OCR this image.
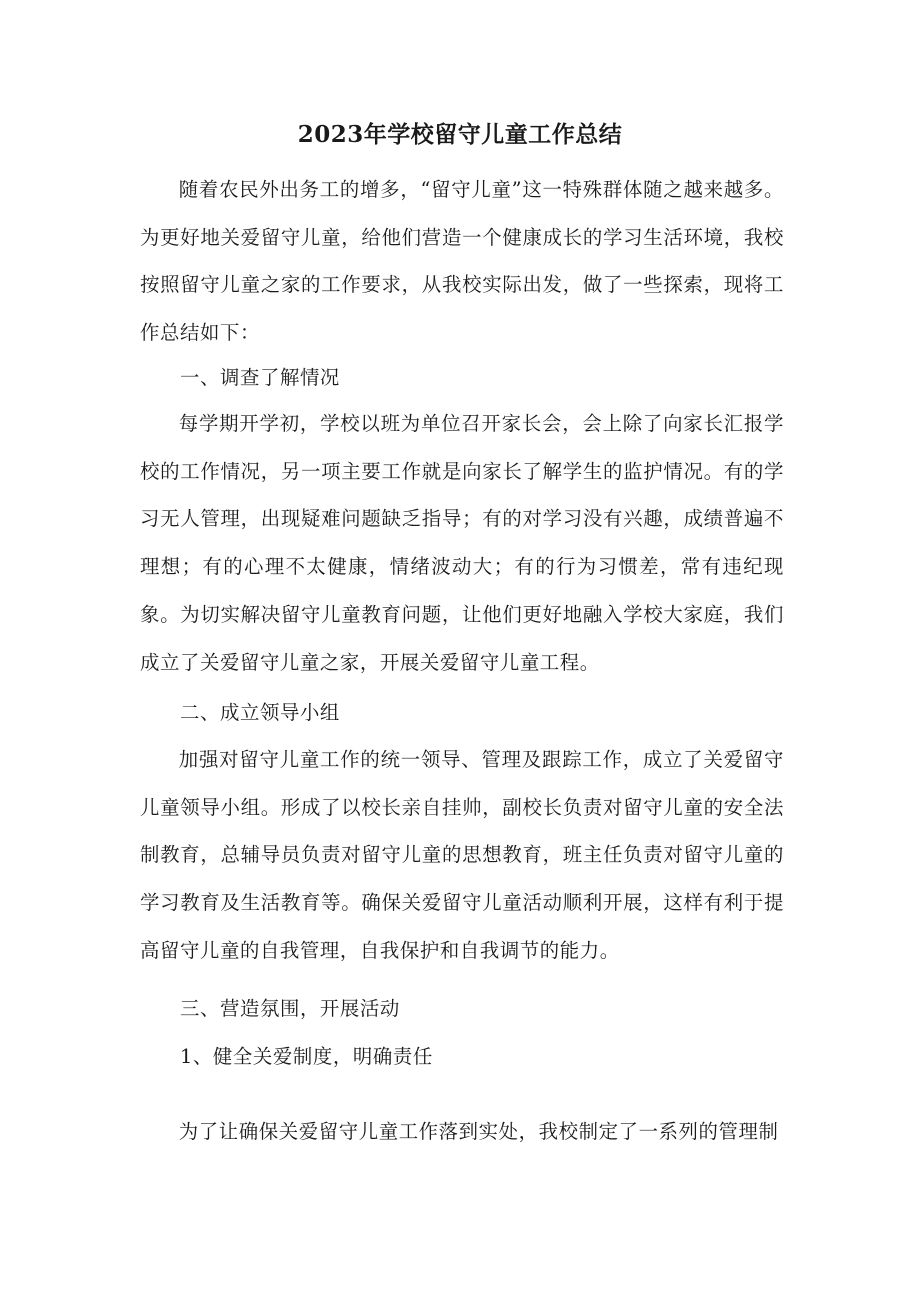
2023年学校留守儿童工作总结
随着农民外出务工的增多，“留守儿童”这一特殊群体随之越来越多。为更好地关爱留守儿童，给他们营造一个健康成长的学习生活环境，我校按照留守儿童之家的工作要求，从我校实际出发，做了一些探索，现将工作总结如下：
一、调查了解情况
每学期开学初，学校以班为单位召开家长会，会上除了向家长汇报学校的工作情况，另一项主要工作就是向家长了解学生的监护情况。有的学习无人管理，出现疑难问题缺乏指导；有的对学习没有兴趣，成绩普遍不理想；有的心理不太健康，情绪波动大；有的行为习惯差，常有违纪现象。为切实解决留守儿童教育问题，让他们更好地融入学校大家庭，我们成立了关爱留守儿童之家，开展关爱留守儿童工程。
二、成立领导小组
加强对留守儿童工作的统一领导、管理及跟踪工作，成立了关爱留守儿童领导小组。形成了以校长亲自挂帅，副校长负责对留守儿童的安全法制教育，总辅导员负责对留守儿童的思想教育，班主任负责对留守儿童的学习教育及生活教育等。确保关爱留守儿童活动顺利开展，这样有利于提高留守儿童的自我管理，自我保护和自我调节的能力。
三、营造氛围，开展活动
1、健全关爱制度，明确责任
为了让确保关爱留守儿童工作落到实处，我校制定了一系列的管理制
